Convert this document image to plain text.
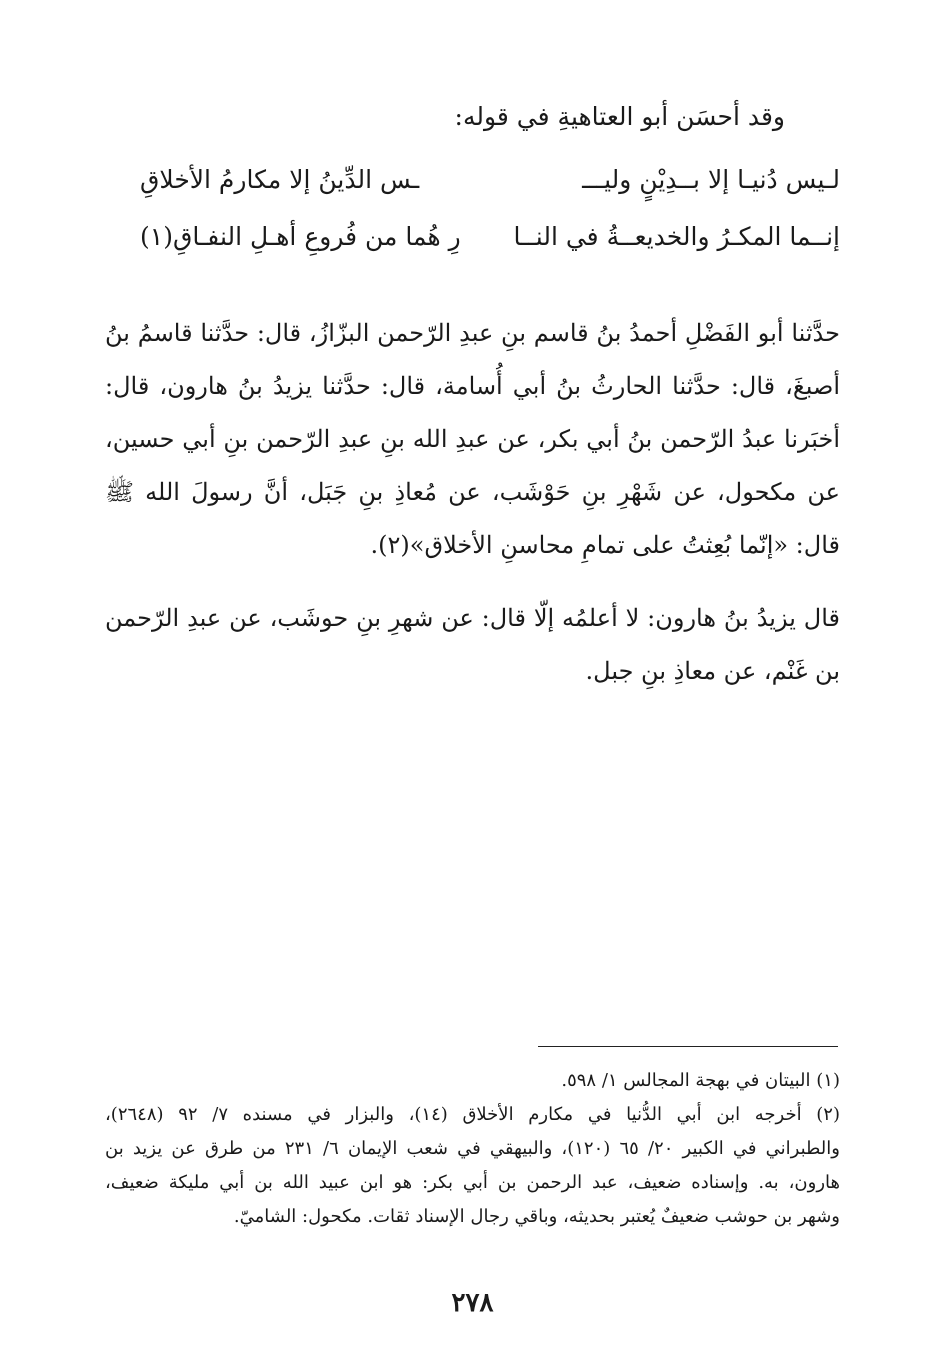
وقد أحسَن أبو العتاهيةِ في قوله:
لـيس دُنيـا إلا بــدِيْنٍ وليـــ
ـس الدِّينُ إلا مكارمُ الأخلاقِ
إنــما المكـرُ والخديعــةُ في النــا
رِ هُما من فُروعِ أهـلِ النفـاقِ(١)

حدَّثنا أبو الفَضْلِ أحمدُ بنُ قاسم بنِ عبدِ الرّحمن البزّازُ، قال: حدَّثنا قاسمُ بنُ أصبغَ، قال: حدَّثنا الحارثُ بنُ أبي أُسامة، قال: حدَّثنا يزيدُ بنُ هارون، قال: أخبَرنا عبدُ الرّحمن بنُ أبي بكر، عن عبدِ الله بنِ عبدِ الرّحمن بنِ أبي حسين، عن مكحول، عن شَهْرِ بنِ حَوْشَب، عن مُعاذِ بنِ جَبَل، أنَّ رسولَ الله ﷺ قال: «إنّما بُعِثتُ على تمامِ محاسنِ الأخلاق»(٢).

قال يزيدُ بنُ هارون: لا أعلمُه إلّا قال: عن شهرِ بنِ حوشَب، عن عبدِ الرّحمن بن غَنْم، عن معاذِ بنِ جبل.

(١) البيتان في بهجة المجالس ١/ ٥٩٨.
(٢) أخرجه ابن أبي الدُّنيا في مكارم الأخلاق (١٤)، والبزار في مسنده ٧/ ٩٢ (٢٦٤٨)،
والطبراني في الكبير ٢٠/ ٦٥ (١٢٠)، والبيهقي في شعب الإيمان ٦/ ٢٣١ من طرق عن يزيد بن
هارون، به. وإسناده ضعيف، عبد الرحمن بن أبي بكر: هو ابن عبيد الله بن أبي مليكة ضعيف،
وشهر بن حوشب ضعيفٌ يُعتبر بحديثه، وباقي رجال الإسناد ثقات. مكحول: الشاميّ.
٢٧٨
